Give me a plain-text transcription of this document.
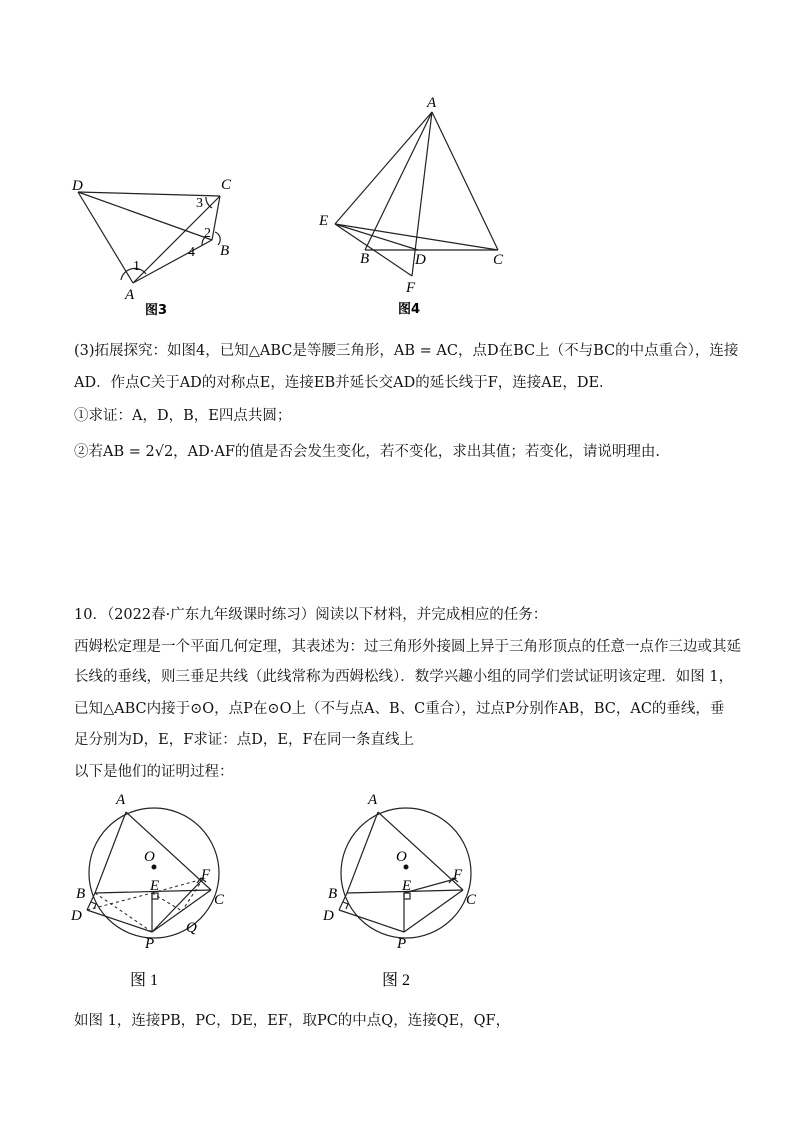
D	C
A
B
1
2
3
4
图3
A
E
B	D	C
F
图4
(3)拓展探究：如图4，已知△ABC是等腰三角形，AB = AC，点D在BC上（不与BC的中点重合），连接
AD．作点C关于AD的对称点E，连接EB并延长交AD的延长线于F，连接AE，DE．
①求证：A，D，B，E四点共圆；
②若AB = 2√2，AD·AF的值是否会发生变化，若不变化，求出其值；若变化，请说明理由.
10．（2022春·广东九年级课时练习）阅读以下材料，并完成相应的任务：
西姆松定理是一个平面几何定理，其表述为：过三角形外接圆上异于三角形顶点的任意一点作三边或其延
长线的垂线，则三垂足共线（此线常称为西姆松线）．数学兴趣小组的同学们尝试证明该定理．如图 1，
已知△ABC内接于⊙O，点P在⊙O上（不与点A、B、C重合），过点P分别作AB，BC，AC的垂线，垂
足分别为D，E，F求证：点D，E，F在同一条直线上
以下是他们的证明过程：
A
O
B	E
F
C
D
P
Q
图 1
A
O
B	E
F
C
D
P
图 2
如图 1，连接PB，PC，DE，EF，取PC的中点Q，连接QE，QF，
